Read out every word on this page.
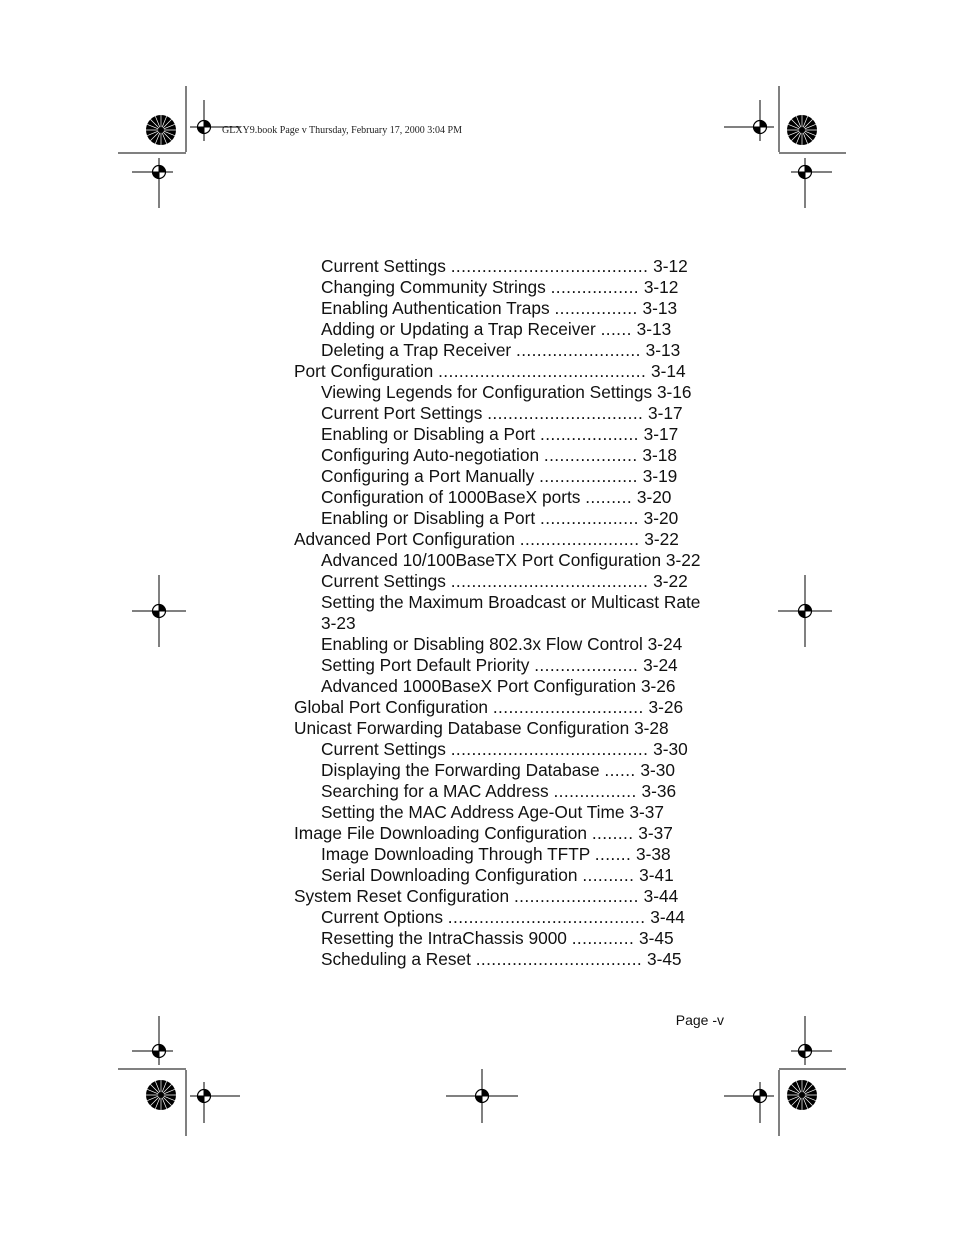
GLXY9.book Page v Thursday, February 17, 2000 3:04 PM
Current Settings ...................................... 3-12
Changing Community Strings ................. 3-12
Enabling Authentication Traps ................ 3-13
Adding or Updating a Trap Receiver ...... 3-13
Deleting a Trap Receiver ........................ 3-13
Port Configuration ........................................ 3-14
Viewing Legends for Configuration Settings 3-16
Current Port Settings .............................. 3-17
Enabling or Disabling a Port ................... 3-17
Configuring Auto-negotiation .................. 3-18
Configuring a Port Manually ................... 3-19
Configuration of 1000BaseX ports ......... 3-20
Enabling or Disabling a Port ................... 3-20
Advanced Port Configuration ....................... 3-22
Advanced 10/100BaseTX Port Configuration 3-22
Current Settings ...................................... 3-22
Setting the Maximum Broadcast or Multicast Rate
3-23
Enabling or Disabling 802.3x Flow Control 3-24
Setting Port Default Priority .................... 3-24
Advanced 1000BaseX Port Configuration 3-26
Global Port Configuration ............................. 3-26
Unicast Forwarding Database Configuration 3-28
Current Settings ...................................... 3-30
Displaying the Forwarding Database ...... 3-30
Searching for a MAC Address ................ 3-36
Setting the MAC Address Age-Out Time 3-37
Image File Downloading Configuration ........ 3-37
Image Downloading Through TFTP ....... 3-38
Serial Downloading Configuration .......... 3-41
System Reset Configuration ........................ 3-44
Current Options ...................................... 3-44
Resetting the IntraChassis 9000 ............ 3-45
Scheduling a Reset ................................ 3-45
Page -v
